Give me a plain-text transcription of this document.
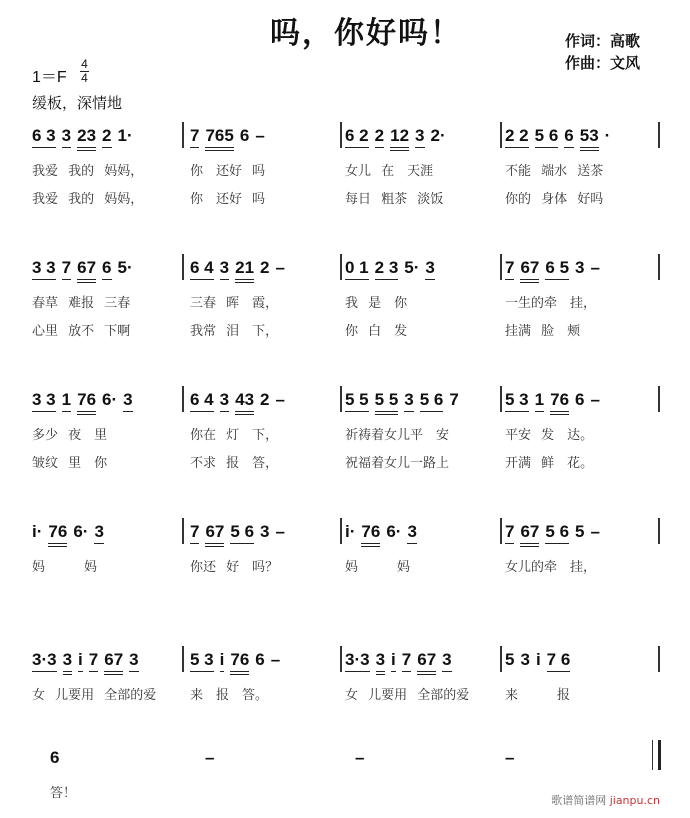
吗，你好吗！	作词：高歌
作曲：文风
1＝F
4
4
缓板，深情地
6 3 3 23 2 1·
我爱 我的 妈妈，
我爱 我的 妈妈，
7 765 6 –
你　还好 吗
你　还好 吗
6 2 2 12 3 2·
女儿 在　天涯
每日 粗茶 淡饭
2 2 5 6 6 53 ·
不能 端水 送茶
你的 身体 好吗
3 3 7 67 6 5·
春草 难报 三春
心里 放不 下啊
6 4 3 21 2 –
三春 晖　霞，
我常 泪　下，
0 1 2 3 5· 3
我 是　你
你 白　发
7 67 6 5 3 –
一生的牵　挂，
挂满 脸　颊
3 3 1 76 6· 3
多少 夜　里
皱纹 里　你
6 4 3 43 2 –
你在 灯　下，
不求 报　答，
5 5 5 5 3 5 6 7
祈祷着女儿平　安
祝福着女儿一路上
5 3 1 76 6 –
平安 发　达。
开满 鲜　花。
i· 76 6· 3
妈　　　妈
7 67 5 6 3 –
你还 好　吗？
i· 76 6· 3
妈　　　妈
7 67 5 6 5 –
女儿的牵　挂，
3·3 3 i 7 67 3
女 儿要用 全部的爱
5 3 i 76 6 –
来　报　答。
3·3 3 i 7 67 3
女 儿要用 全部的爱
5 3 i 7 6
来　　　报
6
答！
–	–	–
歌谱简谱网 jianpu.cn
